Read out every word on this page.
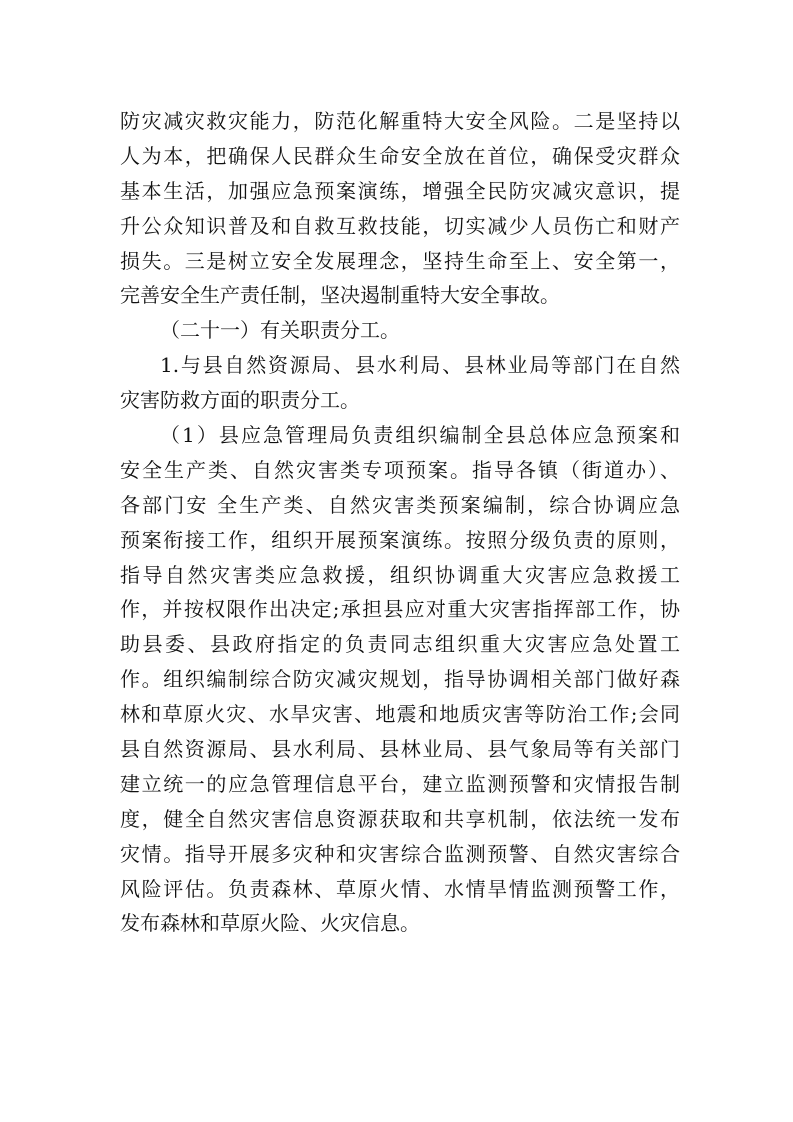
防灾减灾救灾能力，防范化解重特大安全风险。二是坚持以
人为本，把确保人民群众生命安全放在首位，确保受灾群众
基本生活，加强应急预案演练，增强全民防灾减灾意识，提
升公众知识普及和自救互救技能，切实减少人员伤亡和财产
损失。三是树立安全发展理念，坚持生命至上、安全第一，
完善安全生产责任制，坚决遏制重特大安全事故。
（二十一）有关职责分工。
1.与县自然资源局、县水利局、县林业局等部门在自然
灾害防救方面的职责分工。
（1）县应急管理局负责组织编制全县总体应急预案和
安全生产类、自然灾害类专项预案。指导各镇（街道办）、
各部门安 全生产类、自然灾害类预案编制，综合协调应急
预案衔接工作，组织开展预案演练。按照分级负责的原则，
指导自然灾害类应急救援，组织协调重大灾害应急救援工
作，并按权限作出决定;承担县应对重大灾害指挥部工作，协
助县委、县政府指定的负责同志组织重大灾害应急处置工
作。组织编制综合防灾减灾规划，指导协调相关部门做好森
林和草原火灾、水旱灾害、地震和地质灾害等防治工作;会同
县自然资源局、县水利局、县林业局、县气象局等有关部门
建立统一的应急管理信息平台，建立监测预警和灾情报告制
度，健全自然灾害信息资源获取和共享机制，依法统一发布
灾情。指导开展多灾种和灾害综合监测预警、自然灾害综合
风险评估。负责森林、草原火情、水情旱情监测预警工作，
发布森林和草原火险、火灾信息。
